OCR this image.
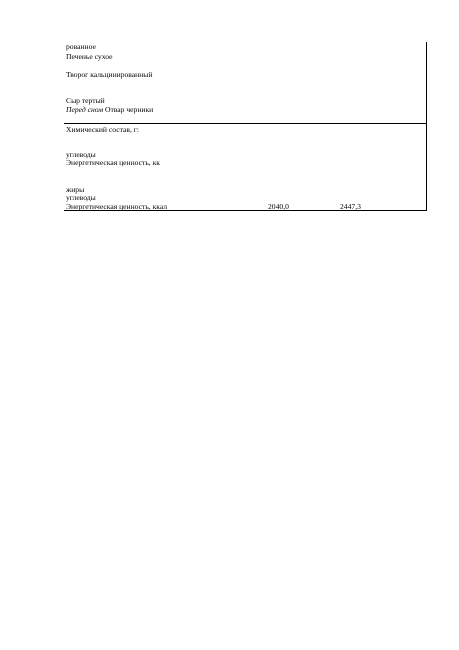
рованное
Печенье сухое
Творог кальцинированный
Сыр тертый
Перед сном Отвар черники
Химический состав, г:
углеводы
Энергетическая ценность, кк
жиры
углеводы
Энергетическая ценность, ккал	2040,0	2447,3
